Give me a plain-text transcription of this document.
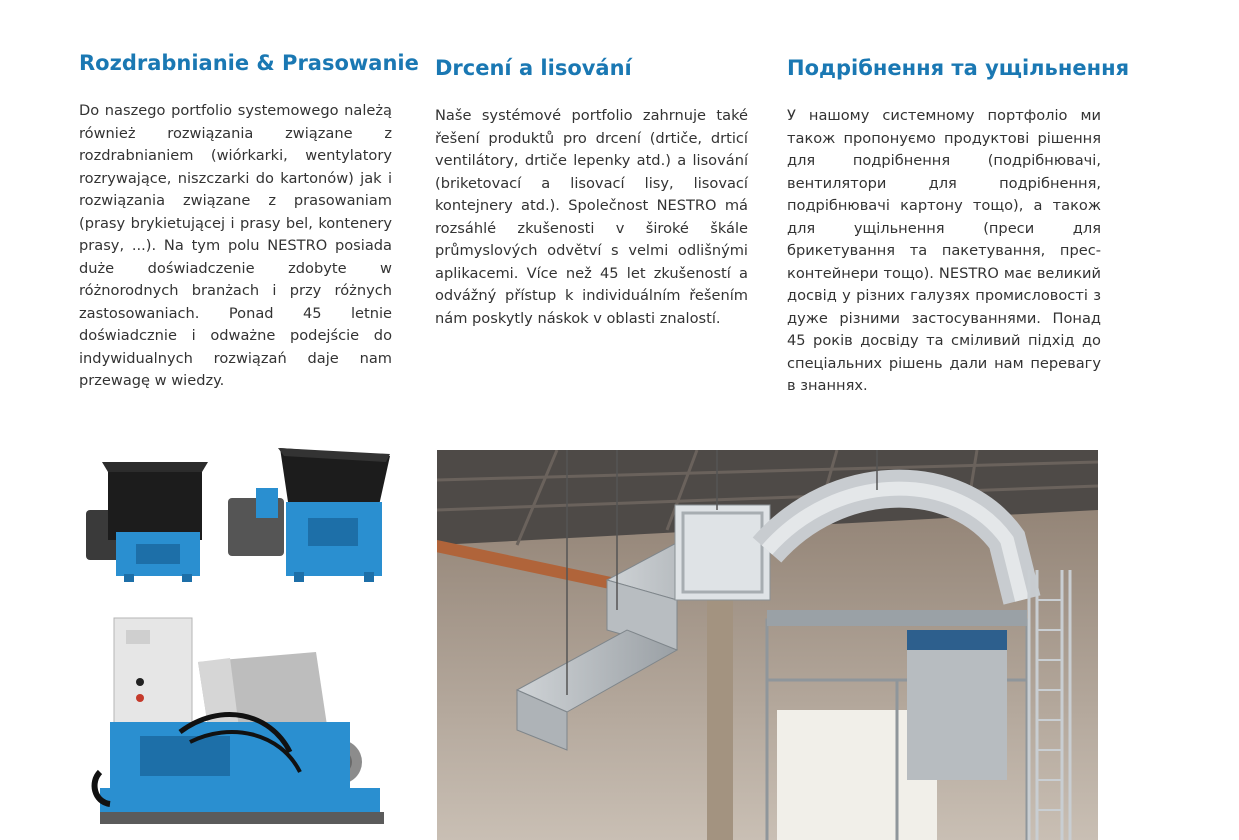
Rozdrabnianie & Prasowanie

Do naszego portfolio systemowego należą również rozwiązania związane z rozdrabnianiem (wiórkarki, wentylatory rozrywające, niszczarki do kartonów) jak i rozwiązania związane z prasowaniam (prasy brykietującej i prasy bel, kontenery prasy, ...). Na tym polu NESTRO posiada duże doświadczenie zdobyte w różnorodnych branżach i przy różnych zastosowaniach. Ponad 45 letnie doświadcznie i odważne podejście do indywidualnych rozwiązań daje nam przewagę w wiedzy.

Drcení a lisování

Naše systémové portfolio zahrnuje také řešení produktů pro drcení (drtiče, drticí ventilátory, drtiče lepenky atd.) a lisování (briketovací a lisovací lisy, lisovací kontejnery atd.). Společnost NESTRO má rozsáhlé zkušenosti v široké škále průmyslových odvětví s velmi odlišnými aplikacemi. Více než 45 let zkušeností a odvážný přístup k individuálním řešením nám poskytly náskok v oblasti znalostí.

Подрібнення та ущільнення

У нашому системному портфоліо ми також пропонуємо продуктові рішення для подрібнення (подрібнювачі, вентилятори для подрібнення, подрібнювачі картону тощо), а також для ущільнення (преси для брикетування та пакетування, прес-контейнери тощо). NESTRO має великий досвід у різних галузях промисловості з дуже різними застосуваннями. Понад 45 років досвіду та сміливий підхід до спеціальних рішень дали нам перевагу в знаннях.
